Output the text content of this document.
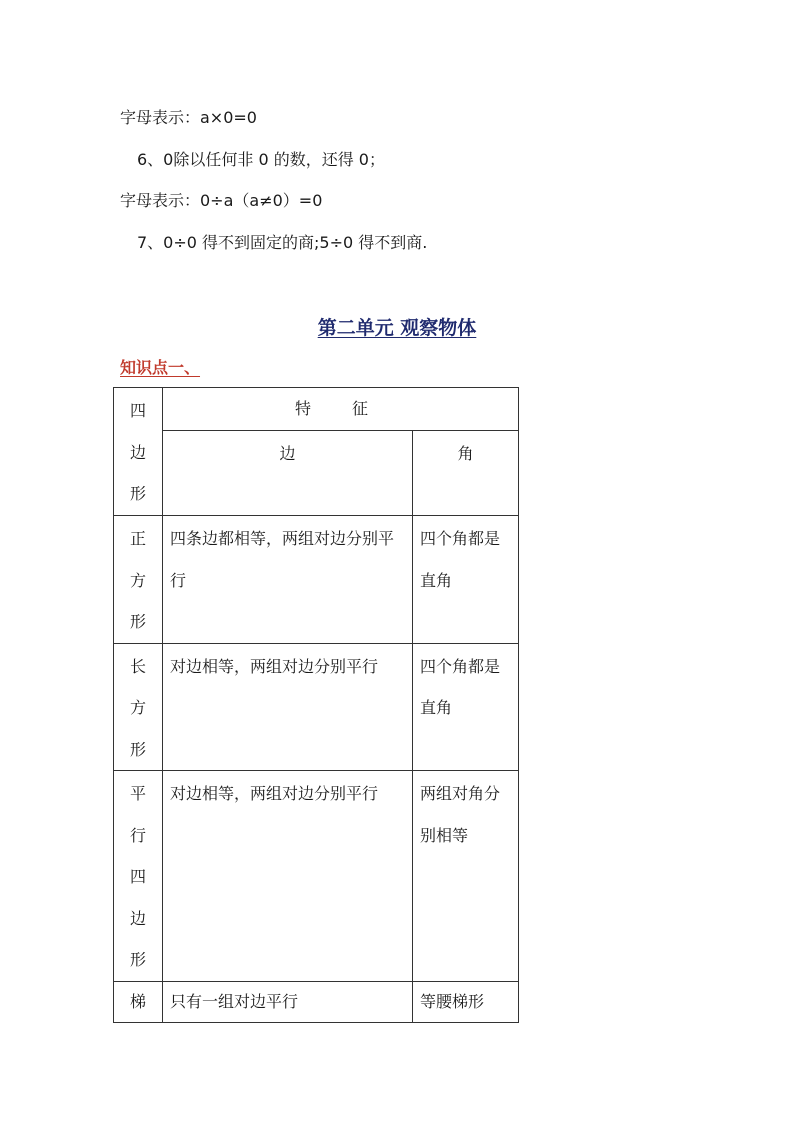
字母表示：a×0=0
6、0除以任何非 0 的数，还得 0；
字母表示：0÷a（a≠0）=0
7、0÷0 得不到固定的商;5÷0 得不到商.
第二单元 观察物体
知识点一、
四
边
形	特 征	
	边	角

正
方
形	四条边都相等，两组对边分别平行	四个角都是直角

长
方
形	对边相等，两组对边分别平行	四个角都是直角

平
行
四
边
形	对边相等，两组对边分别平行	两组对角分别相等

梯	只有一组对边平行	等腰梯形
